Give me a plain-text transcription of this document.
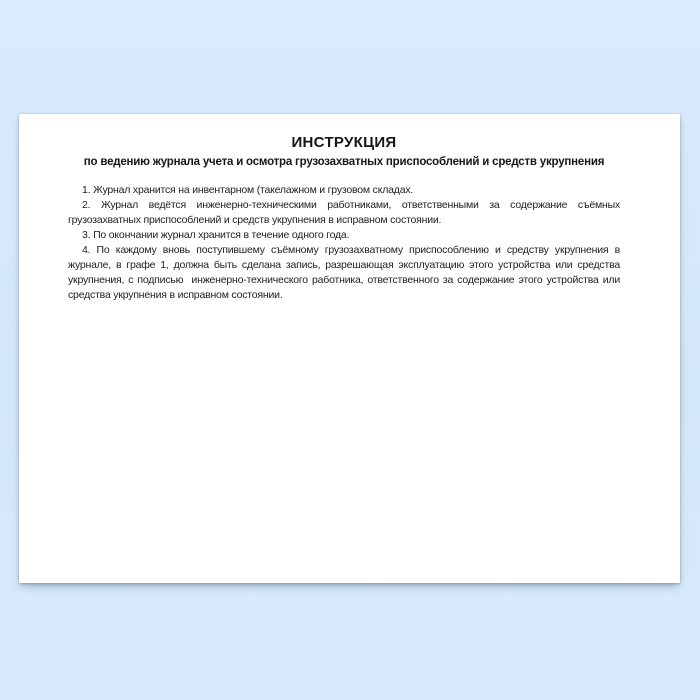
ИНСТРУКЦИЯ
по ведению журнала учета и осмотра грузозахватных приспособлений и средств укрупнения

1. Журнал хранится на инвентарном (такелажном и грузовом складах.

2. Журнал ведётся инженерно-техническими работниками, ответственными за содержание съёмных грузозахватных приспособлений и средств укрупнения в исправном состоянии.

3. По окончании журнал хранится в течение одного года.

4. По каждому вновь поступившему съёмному грузозахватному приспособлению и средству укрупнения в журнале, в графе 1, должна быть сделана запись, разрешающая эксплуатацию этого устройства или средства укрупнения, с подписью  инженерно-технического работника, ответственного за содержание этого устройства или средства укрупнения в исправном состоянии.
